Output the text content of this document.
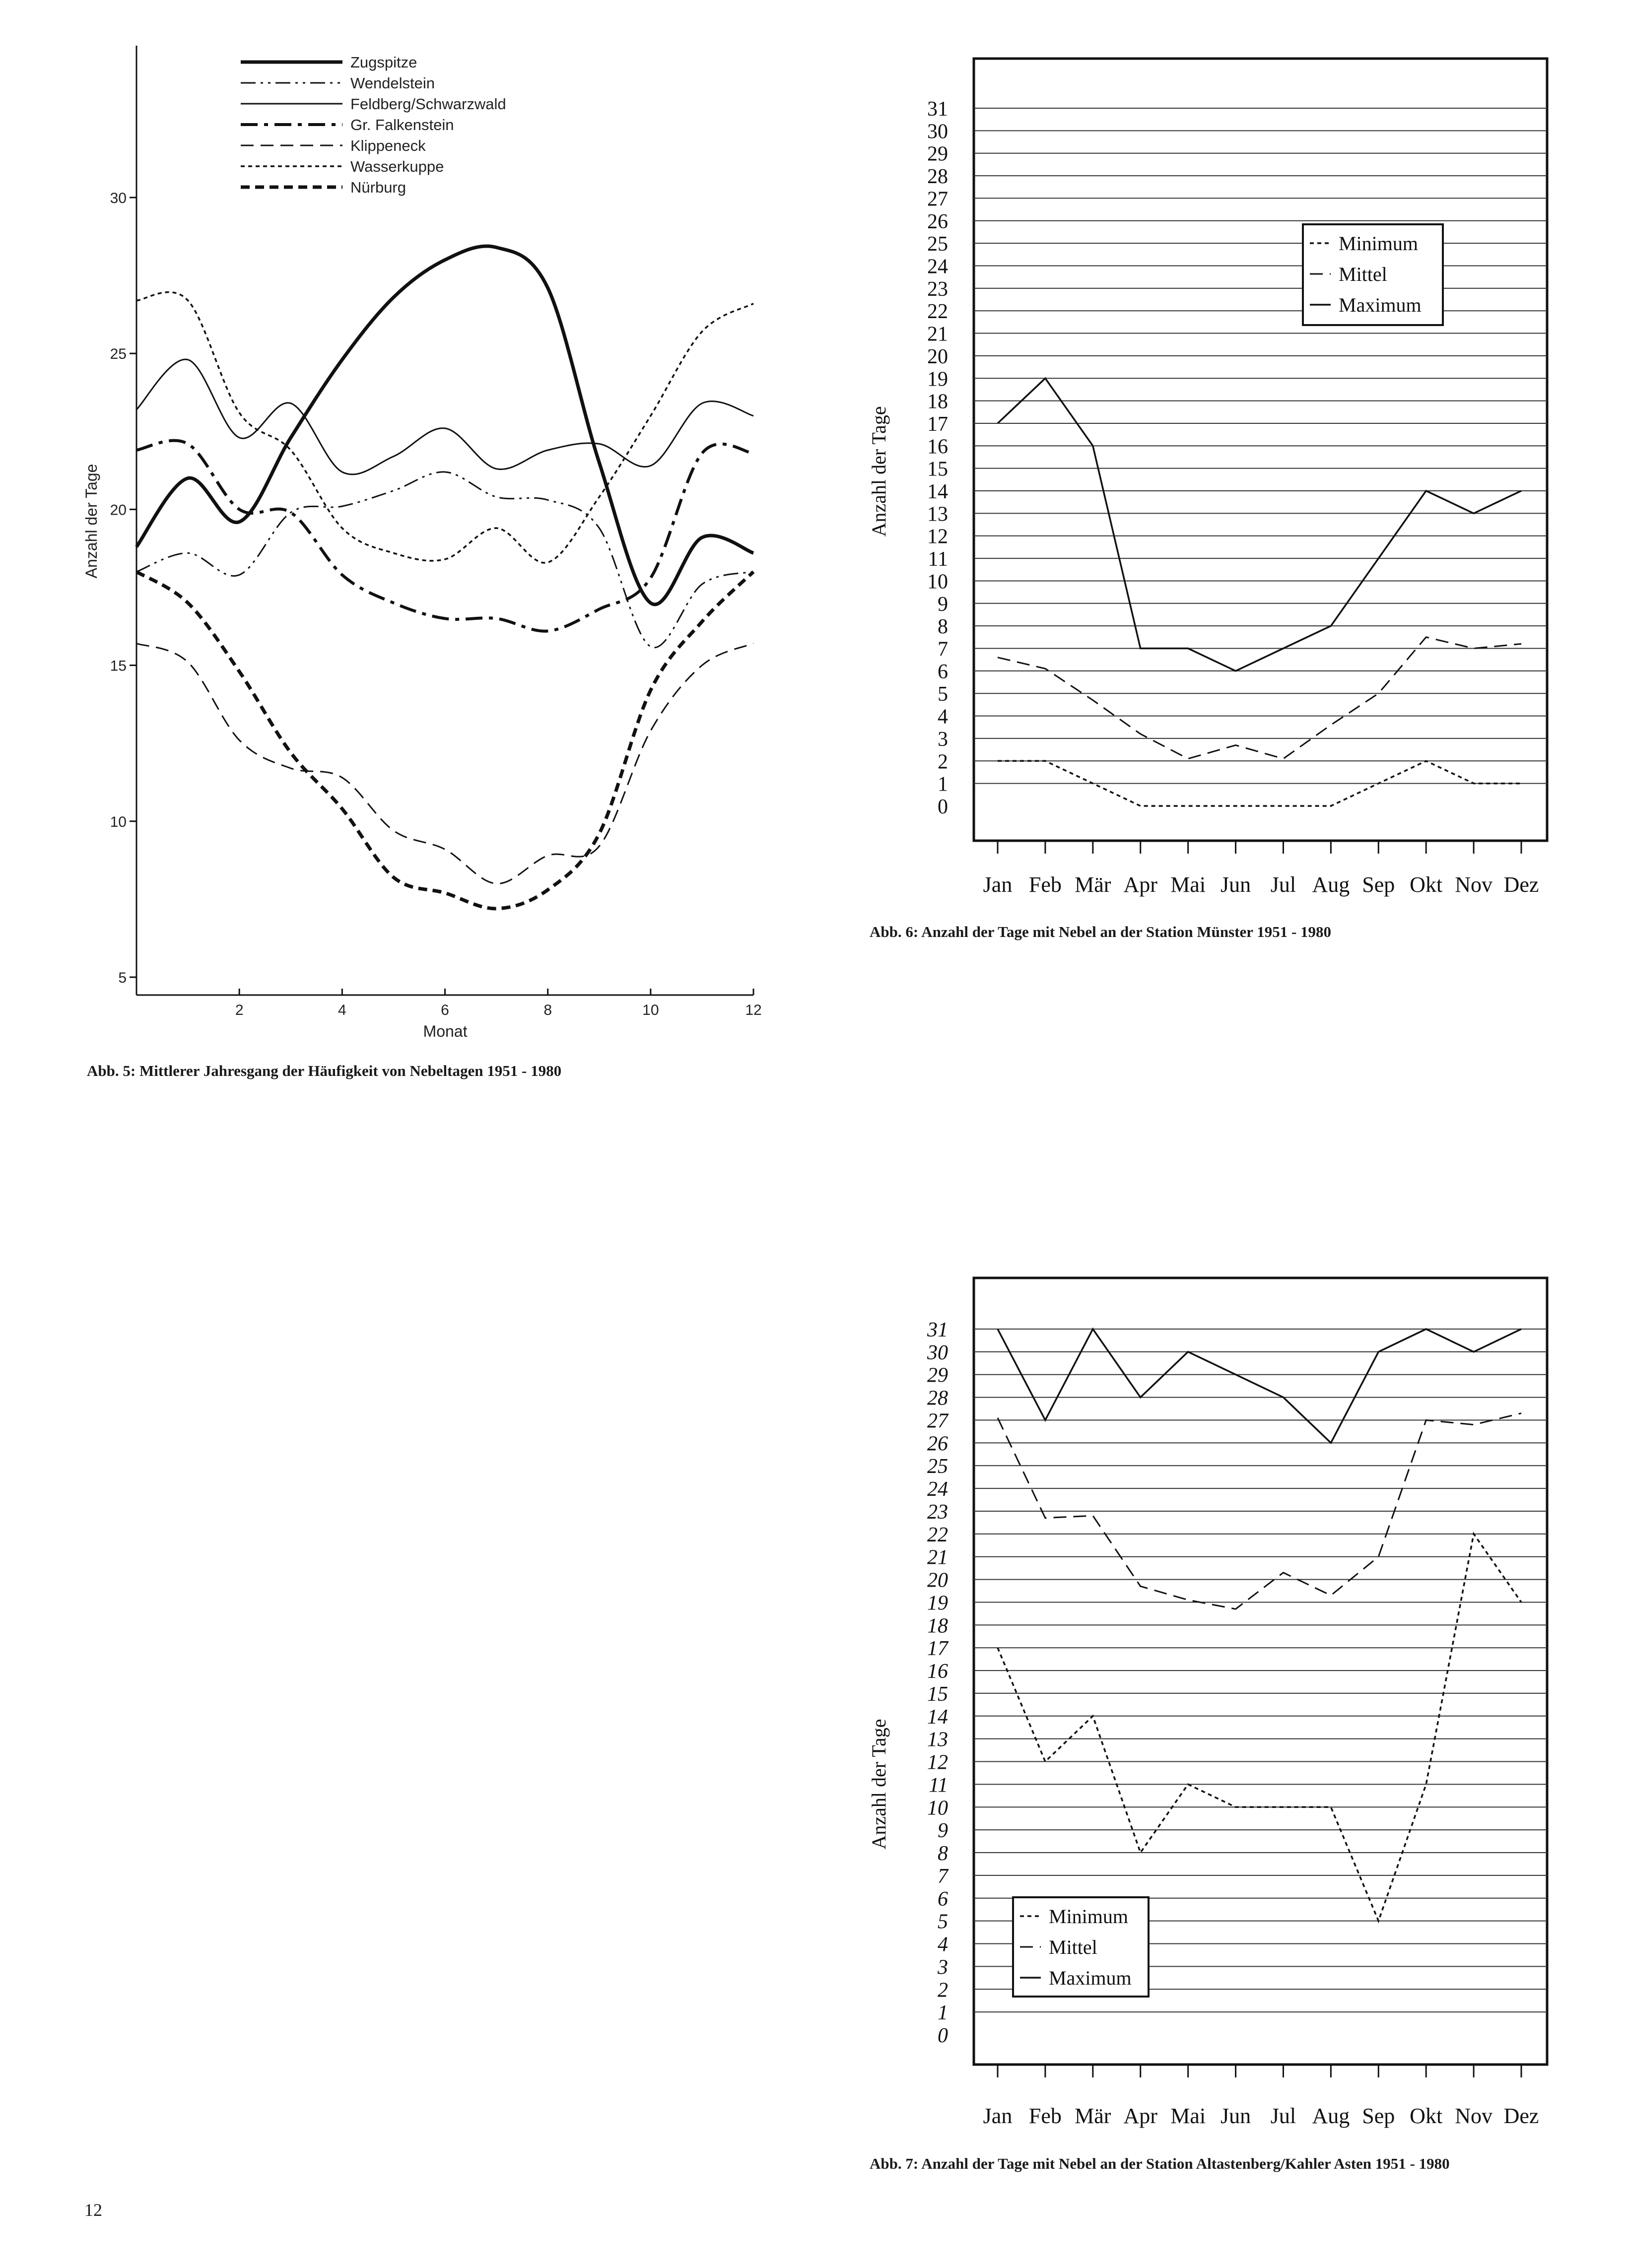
5
10
15
20
25
30
2	4	6	8	10	12
Monat
Anzahl der Tage
Zugspitze
Wendelstein
Feldberg/Schwarzwald
Gr. Falkenstein
Klippeneck
Wasserkuppe
Nürburg
0
1
2
3
4
5
6
7
8
9
10
11
12
13
14
15
16
17
18
19
20
21
22
23
24
25
26
27
28
29
30
31
Jan Feb Mär Apr Mai Jun Jul Aug Sep Okt Nov Dez
Anzahl der Tage
Minimum
Mittel
Maximum
0
1
2
3
4
5
6
7
8
9
10
11
12
13
14
15
16
17
18
19
20
21
22
23
24
25
26
27
28
29
30
31
Jan Feb Mär Apr Mai Jun Jul Aug Sep Okt Nov Dez
Anzahl der Tage
Minimum
Mittel
Maximum
Abb. 5: Mittlerer Jahresgang der Häufigkeit von Nebeltagen 1951 - 1980
Abb. 6: Anzahl der Tage mit Nebel an der Station Münster 1951 - 1980
Abb. 7: Anzahl der Tage mit Nebel an der Station Altastenberg/Kahler Asten 1951 - 1980
12
